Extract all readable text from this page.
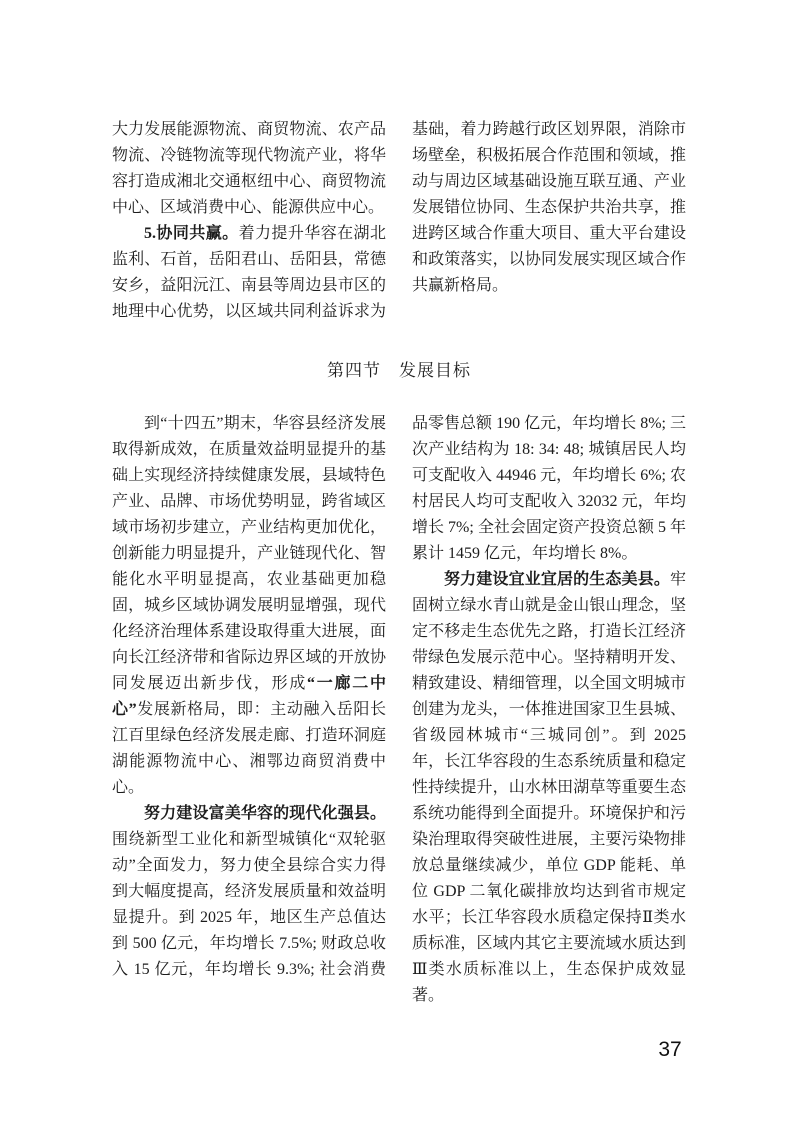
大力发展能源物流、商贸物流、农产品物流、冷链物流等现代物流产业，将华容打造成湘北交通枢纽中心、商贸物流中心、区域消费中心、能源供应中心。

5.协同共赢。着力提升华容在湖北监利、石首，岳阳君山、岳阳县，常德安乡，益阳沅江、南县等周边县市区的地理中心优势，以区域共同利益诉求为

基础，着力跨越行政区划界限，消除市场壁垒，积极拓展合作范围和领域，推动与周边区域基础设施互联互通、产业发展错位协同、生态保护共治共享，推进跨区域合作重大项目、重大平台建设和政策落实，以协同发展实现区域合作共赢新格局。

第四节　发展目标

到“十四五”期末，华容县经济发展取得新成效，在质量效益明显提升的基础上实现经济持续健康发展，县域特色产业、品牌、市场优势明显，跨省域区域市场初步建立，产业结构更加优化，创新能力明显提升，产业链现代化、智能化水平明显提高，农业基础更加稳固，城乡区域协调发展明显增强，现代化经济治理体系建设取得重大进展，面向长江经济带和省际边界区域的开放协同发展迈出新步伐，形成“一廊二中心”发展新格局，即：主动融入岳阳长江百里绿色经济发展走廊、打造环洞庭湖能源物流中心、湘鄂边商贸消费中心。

努力建设富美华容的现代化强县。围绕新型工业化和新型城镇化“双轮驱动”全面发力，努力使全县综合实力得到大幅度提高，经济发展质量和效益明显提升。到 2025 年，地区生产总值达到 500 亿元，年均增长 7.5%; 财政总收入 15 亿元，年均增长 9.3%; 社会消费

品零售总额 190 亿元，年均增长 8%; 三次产业结构为 18: 34: 48; 城镇居民人均可支配收入 44946 元，年均增长 6%; 农村居民人均可支配收入 32032 元，年均增长 7%; 全社会固定资产投资总额 5 年累计 1459 亿元，年均增长 8%。

努力建设宜业宜居的生态美县。牢固树立绿水青山就是金山银山理念，坚定不移走生态优先之路，打造长江经济带绿色发展示范中心。坚持精明开发、精致建设、精细管理，以全国文明城市创建为龙头，一体推进国家卫生县城、省级园林城市“三城同创”。到 2025 年，长江华容段的生态系统质量和稳定性持续提升，山水林田湖草等重要生态系统功能得到全面提升。环境保护和污染治理取得突破性进展，主要污染物排放总量继续减少，单位 GDP 能耗、单位 GDP 二氧化碳排放均达到省市规定水平；长江华容段水质稳定保持Ⅱ类水质标准，区域内其它主要流域水质达到Ⅲ类水质标准以上，生态保护成效显著。

37
